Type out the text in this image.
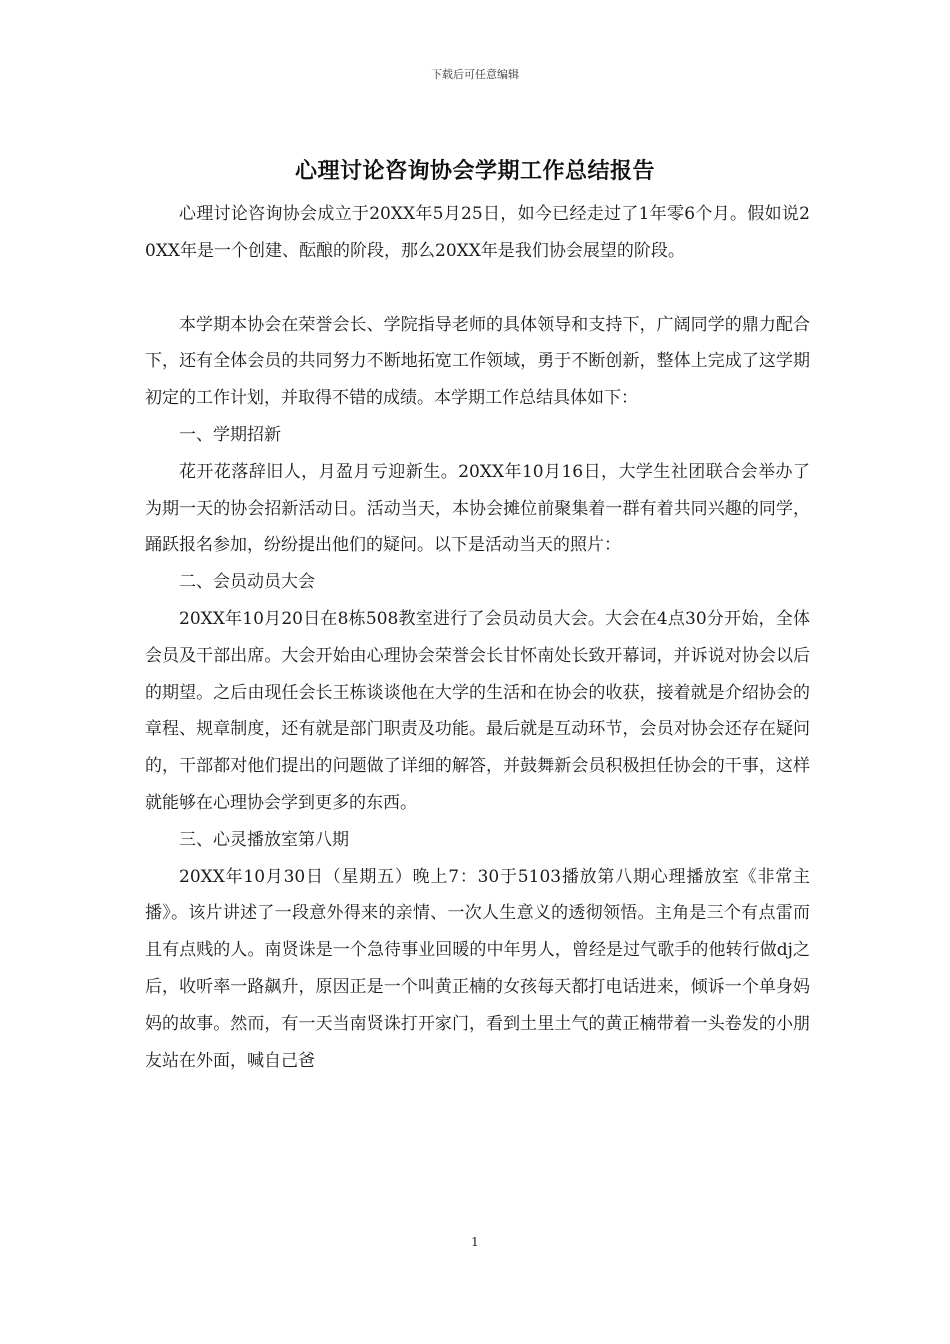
下载后可任意编辑
心理讨论咨询协会学期工作总结报告

心理讨论咨询协会成立于20XX年5月25日，如今已经走过了1年零6个月。假如说20XX年是一个创建、酝酿的阶段，那么20XX年是我们协会展望的阶段。

本学期本协会在荣誉会长、学院指导老师的具体领导和支持下，广阔同学的鼎力配合下，还有全体会员的共同努力不断地拓宽工作领域，勇于不断创新，整体上完成了这学期初定的工作计划，并取得不错的成绩。本学期工作总结具体如下：

一、学期招新

花开花落辞旧人，月盈月亏迎新生。20XX年10月16日，大学生社团联合会举办了为期一天的协会招新活动日。活动当天，本协会摊位前聚集着一群有着共同兴趣的同学，踊跃报名参加，纷纷提出他们的疑问。以下是活动当天的照片：

二、会员动员大会

20XX年10月20日在8栋508教室进行了会员动员大会。大会在4点30分开始，全体会员及干部出席。大会开始由心理协会荣誉会长甘怀南处长致开幕词，并诉说对协会以后的期望。之后由现任会长王栋谈谈他在大学的生活和在协会的收获，接着就是介绍协会的章程、规章制度，还有就是部门职责及功能。最后就是互动环节，会员对协会还存在疑问的，干部都对他们提出的问题做了详细的解答，并鼓舞新会员积极担任协会的干事，这样就能够在心理协会学到更多的东西。

三、心灵播放室第八期

20XX年10月30日（星期五）晚上7：30于5103播放第八期心理播放室《非常主播》。该片讲述了一段意外得来的亲情、一次人生意义的透彻领悟。主角是三个有点雷而且有点贱的人。南贤诛是一个急待事业回暖的中年男人，曾经是过气歌手的他转行做dj之后，收听率一路飙升，原因正是一个叫黄正楠的女孩每天都打电话进来，倾诉一个单身妈妈的故事。然而，有一天当南贤诛打开家门，看到土里土气的黄正楠带着一头卷发的小朋友站在外面，喊自己爸

1
